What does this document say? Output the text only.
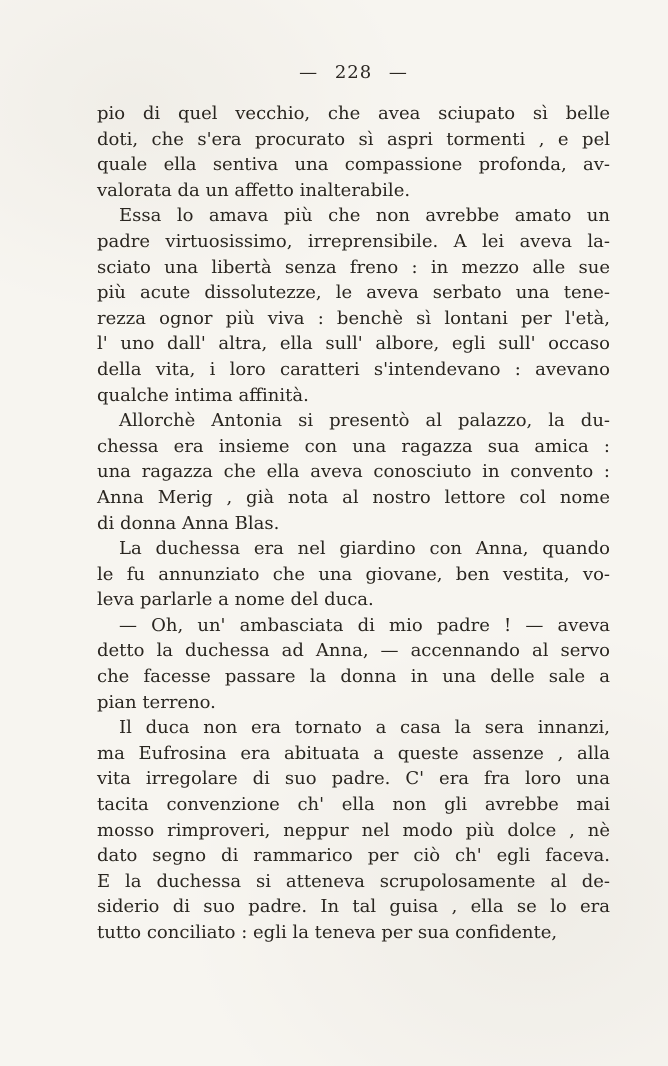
— 228 —
pio di quel vecchio, che avea sciupato sì belle
doti, che s'era procurato sì aspri tormenti , e pel
quale ella sentiva una compassione profonda, av-
valorata da un affetto inalterabile.
Essa lo amava più che non avrebbe amato un
padre virtuosissimo, irreprensibile. A lei aveva la-
sciato una libertà senza freno : in mezzo alle sue
più acute dissolutezze, le aveva serbato una tene-
rezza ognor più viva : benchè sì lontani per l'età,
l' uno dall' altra, ella sull' albore, egli sull' occaso
della vita, i loro caratteri s'intendevano : avevano
qualche intima affinità.
Allorchè Antonia si presentò al palazzo, la du-
chessa era insieme con una ragazza sua amica :
una ragazza che ella aveva conosciuto in convento :
Anna Merig , già nota al nostro lettore col nome
di donna Anna Blas.
La duchessa era nel giardino con Anna, quando
le fu annunziato che una giovane, ben vestita, vo-
leva parlarle a nome del duca.
— Oh, un' ambasciata di mio padre ! — aveva
detto la duchessa ad Anna, — accennando al servo
che facesse passare la donna in una delle sale a
pian terreno.
Il duca non era tornato a casa la sera innanzi,
ma Eufrosina era abituata a queste assenze , alla
vita irregolare di suo padre. C' era fra loro una
tacita convenzione ch' ella non gli avrebbe mai
mosso rimproveri, neppur nel modo più dolce , nè
dato segno di rammarico per ciò ch' egli faceva.
E la duchessa si atteneva scrupolosamente al de-
siderio di suo padre. In tal guisa , ella se lo era
tutto conciliato : egli la teneva per sua confidente,
